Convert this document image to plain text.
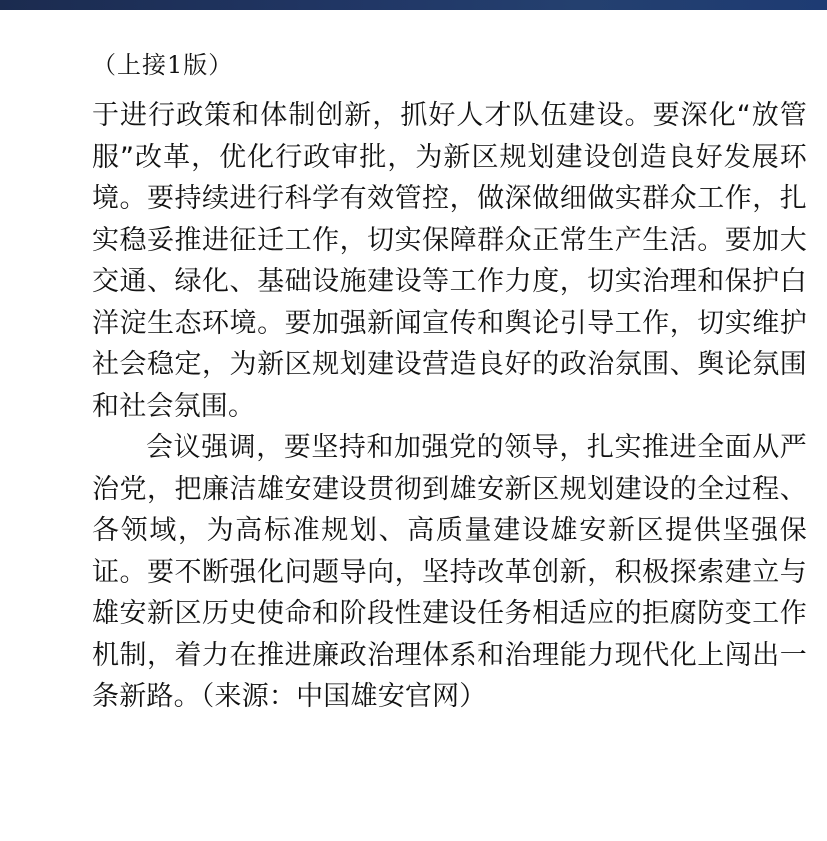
（上接1版）

于进行政策和体制创新，抓好人才队伍建设。要深化“放管服”改革，优化行政审批，为新区规划建设创造良好发展环境。要持续进行科学有效管控，做深做细做实群众工作，扎实稳妥推进征迁工作，切实保障群众正常生产生活。要加大交通、绿化、基础设施建设等工作力度，切实治理和保护白洋淀生态环境。要加强新闻宣传和舆论引导工作，切实维护社会稳定，为新区规划建设营造良好的政治氛围、舆论氛围和社会氛围。

会议强调，要坚持和加强党的领导，扎实推进全面从严治党，把廉洁雄安建设贯彻到雄安新区规划建设的全过程、各领域，为高标准规划、高质量建设雄安新区提供坚强保证。要不断强化问题导向，坚持改革创新，积极探索建立与雄安新区历史使命和阶段性建设任务相适应的拒腐防变工作机制，着力在推进廉政治理体系和治理能力现代化上闯出一条新路。（来源：中国雄安官网）
